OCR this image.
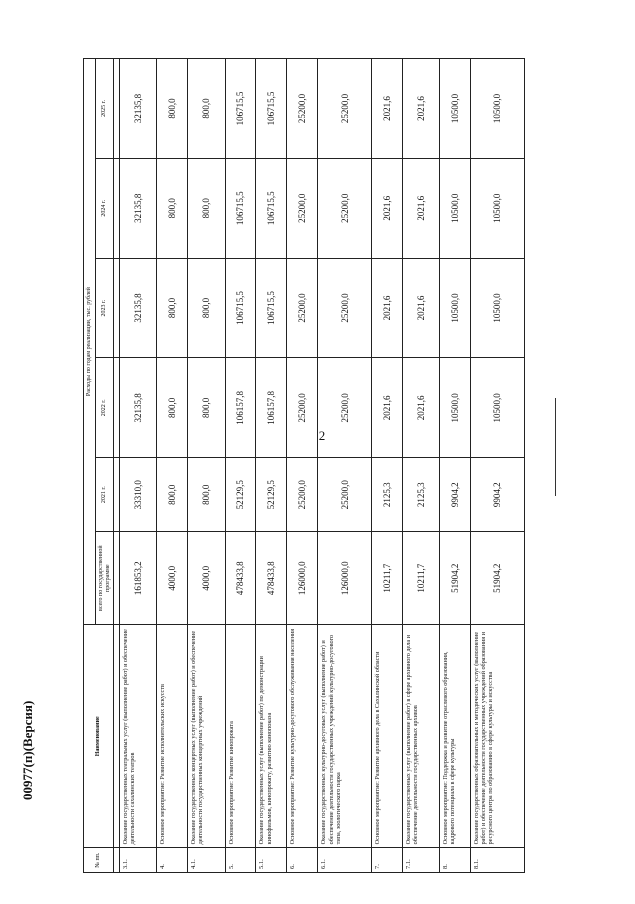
2
00977(п)(Версия)
№ пп.	Наименование	Расходы по годам реализации, тыс. рублей					
		всего по государственной программе	2021 г.	2022 г.	2023 г.	2024 г.	2025 г.

3.1.	Оказание государственных театральных услуг (выполнение работ) и обеспечение деятельности сахалинских театров	161853,2	33310,0	32135,8	32135,8	32135,8	32135,8
4.	Основное мероприятие: Развитие исполнительских искусств	4000,0	800,0	800,0	800,0	800,0	800,0
4.1.	Оказание государственных концертных услуг (выполнение работ) и обеспечение деятельности государственных концертных учреждений	4000,0	800,0	800,0	800,0	800,0	800,0
5.	Основное мероприятие: Развитие кинопроката	478433,8	52129,5	106157,8	106715,5	106715,5	106715,5
5.1.	Оказание государственных услуг (выполнение работ) по демонстрации кинофильмов, кинопрокату, развитию кинопоказа	478433,8	52129,5	106157,8	106715,5	106715,5	106715,5
6.	Основное мероприятие: Развитие культурно-досугового обслуживания населения	126000,0	25200,0	25200,0	25200,0	25200,0	25200,0
6.1.	Оказание государственных культурно-досуговых услуг (выполнение работ) и обеспечение деятельности государственных учреждений культурно-досугового типа, зоологического парка	126000,0	25200,0	25200,0	25200,0	25200,0	25200,0
7.	Основное мероприятие: Развитие архивного дела в Сахалинской области	10211,7	2125,3	2021,6	2021,6	2021,6	2021,6
7.1.	Оказание государственных услуг (выполнение работ) в сфере архивного дела и обеспечение деятельности государственных архивов	10211,7	2125,3	2021,6	2021,6	2021,6	2021,6
8.	Основное мероприятие: Поддержка и развитие отраслевого образования, кадрового потенциала в сфере культуры	51904,2	9904,2	10500,0	10500,0	10500,0	10500,0
8.1.	Оказание государственных образовательных и методических услуг (выполнение работ) и обеспечение деятельности государственных учреждений образования и ресурсного центра по образованию в сфере культуры и искусства	51904,2	9904,2	10500,0	10500,0	10500,0	10500,0
